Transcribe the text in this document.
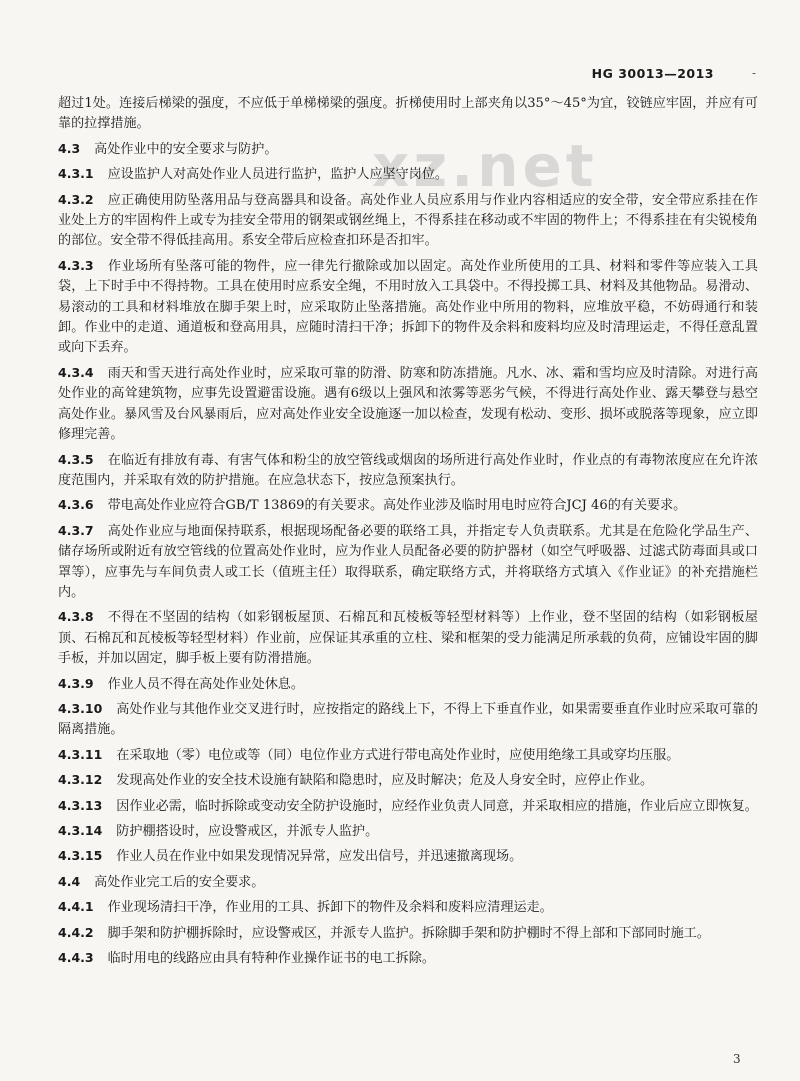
HG 30013—2013	-
xz.net

超过1处。连接后梯梁的强度，不应低于单梯梯梁的强度。折梯使用时上部夹角以35°～45°为宜，铰链应牢固，并应有可靠的拉撑措施。

4.3 高处作业中的安全要求与防护。

4.3.1 应设监护人对高处作业人员进行监护，监护人应坚守岗位。

4.3.2 应正确使用防坠落用品与登高器具和设备。高处作业人员应系用与作业内容相适应的安全带，安全带应系挂在作业处上方的牢固构件上或专为挂安全带用的钢架或钢丝绳上，不得系挂在移动或不牢固的物件上；不得系挂在有尖锐棱角的部位。安全带不得低挂高用。系安全带后应检查扣环是否扣牢。

4.3.3 作业场所有坠落可能的物件，应一律先行撤除或加以固定。高处作业所使用的工具、材料和零件等应装入工具袋，上下时手中不得持物。工具在使用时应系安全绳，不用时放入工具袋中。不得投掷工具、材料及其他物品。易滑动、易滚动的工具和材料堆放在脚手架上时，应采取防止坠落措施。高处作业中所用的物料，应堆放平稳，不妨碍通行和装卸。作业中的走道、通道板和登高用具，应随时清扫干净；拆卸下的物件及余料和废料均应及时清理运走，不得任意乱置或向下丢弃。

4.3.4 雨天和雪天进行高处作业时，应采取可靠的防滑、防寒和防冻措施。凡水、冰、霜和雪均应及时清除。对进行高处作业的高耸建筑物，应事先设置避雷设施。遇有6级以上强风和浓雾等恶劣气候，不得进行高处作业、露天攀登与悬空高处作业。暴风雪及台风暴雨后，应对高处作业安全设施逐一加以检查，发现有松动、变形、损坏或脱落等现象，应立即修理完善。

4.3.5 在临近有排放有毒、有害气体和粉尘的放空管线或烟囱的场所进行高处作业时，作业点的有毒物浓度应在允许浓度范围内，并采取有效的防护措施。在应急状态下，按应急预案执行。

4.3.6 带电高处作业应符合GB/T 13869的有关要求。高处作业涉及临时用电时应符合JCJ 46的有关要求。

4.3.7 高处作业应与地面保持联系，根据现场配备必要的联络工具，并指定专人负责联系。尤其是在危险化学品生产、储存场所或附近有放空管线的位置高处作业时，应为作业人员配备必要的防护器材（如空气呼吸器、过滤式防毒面具或口罩等），应事先与车间负责人或工长（值班主任）取得联系，确定联络方式，并将联络方式填入《作业证》的补充措施栏内。

4.3.8 不得在不坚固的结构（如彩钢板屋顶、石棉瓦和瓦棱板等轻型材料等）上作业，登不坚固的结构（如彩钢板屋顶、石棉瓦和瓦棱板等轻型材料）作业前，应保证其承重的立柱、梁和框架的受力能满足所承载的负荷，应铺设牢固的脚手板，并加以固定，脚手板上要有防滑措施。

4.3.9 作业人员不得在高处作业处休息。

4.3.10 高处作业与其他作业交叉进行时，应按指定的路线上下，不得上下垂直作业，如果需要垂直作业时应采取可靠的隔离措施。

4.3.11 在采取地（零）电位或等（同）电位作业方式进行带电高处作业时，应使用绝缘工具或穿均压服。

4.3.12 发现高处作业的安全技术设施有缺陷和隐患时，应及时解决；危及人身安全时，应停止作业。

4.3.13 因作业必需，临时拆除或变动安全防护设施时，应经作业负责人同意，并采取相应的措施，作业后应立即恢复。

4.3.14 防护棚搭设时，应设警戒区，并派专人监护。

4.3.15 作业人员在作业中如果发现情况异常，应发出信号，并迅速撤离现场。

4.4 高处作业完工后的安全要求。

4.4.1 作业现场清扫干净，作业用的工具、拆卸下的物件及余料和废料应清理运走。

4.4.2 脚手架和防护棚拆除时，应设警戒区，并派专人监护。拆除脚手架和防护棚时不得上部和下部同时施工。

4.4.3 临时用电的线路应由具有特种作业操作证书的电工拆除。

3
